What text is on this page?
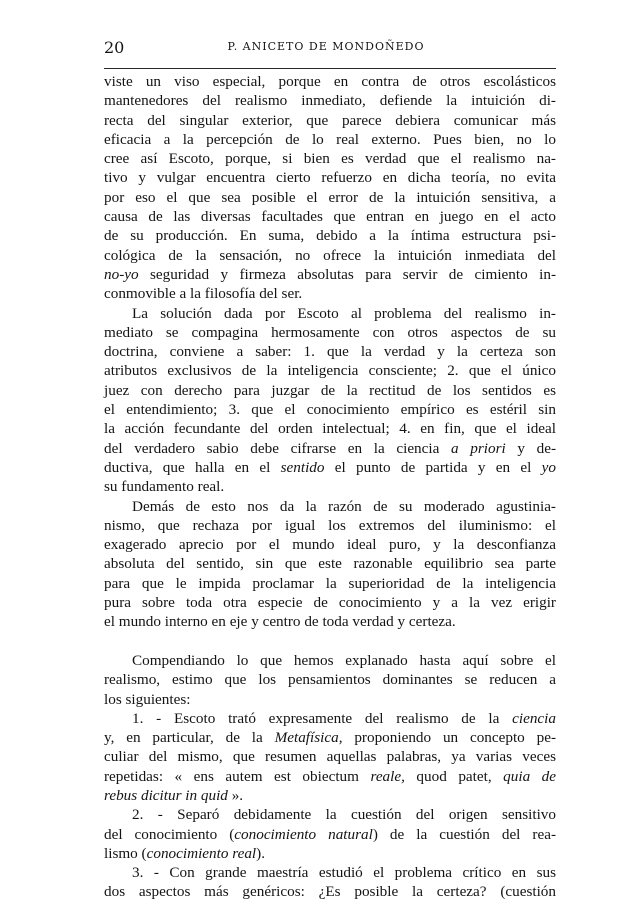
20	P. ANICETO DE MONDOÑEDO
viste un viso especial, porque en contra de otros escolásticos
mantenedores del realismo inmediato, defiende la intuición di-
recta del singular exterior, que parece debiera comunicar más
eficacia a la percepción de lo real externo. Pues bien, no lo
cree así Escoto, porque, si bien es verdad que el realismo na-
tivo y vulgar encuentra cierto refuerzo en dicha teoría, no evita
por eso el que sea posible el error de la intuición sensitiva, a
causa de las diversas facultades que entran en juego en el acto
de su producción. En suma, debido a la íntima estructura psi-
cológica de la sensación, no ofrece la intuición inmediata del
no-yo seguridad y firmeza absolutas para servir de cimiento in-
conmovible a la filosofía del ser.
La solución dada por Escoto al problema del realismo in-
mediato se compagina hermosamente con otros aspectos de su
doctrina, conviene a saber: 1. que la verdad y la certeza son
atributos exclusivos de la inteligencia consciente; 2. que el único
juez con derecho para juzgar de la rectitud de los sentidos es
el entendimiento; 3. que el conocimiento empírico es estéril sin
la acción fecundante del orden intelectual; 4. en fin, que el ideal
del verdadero sabio debe cifrarse en la ciencia a priori y de-
ductiva, que halla en el sentido el punto de partida y en el yo
su fundamento real.
Demás de esto nos da la razón de su moderado agustinia-
nismo, que rechaza por igual los extremos del iluminismo: el
exagerado aprecio por el mundo ideal puro, y la desconfianza
absoluta del sentido, sin que este razonable equilibrio sea parte
para que le impida proclamar la superioridad de la inteligencia
pura sobre toda otra especie de conocimiento y a la vez erigir
el mundo interno en eje y centro de toda verdad y certeza.
Compendiando lo que hemos explanado hasta aquí sobre el
realismo, estimo que los pensamientos dominantes se reducen a
los siguientes:
1. - Escoto trató expresamente del realismo de la ciencia
y, en particular, de la Metafísica, proponiendo un concepto pe-
culiar del mismo, que resumen aquellas palabras, ya varias veces
repetidas: « ens autem est obiectum reale, quod patet, quia de
rebus dicitur in quid ».
2. - Separó debidamente la cuestión del origen sensitivo
del conocimiento (conocimiento natural) de la cuestión del rea-
lismo (conocimiento real).
3. - Con grande maestría estudió el problema crítico en sus
dos aspectos más genéricos: ¿Es posible la certeza? (cuestión
